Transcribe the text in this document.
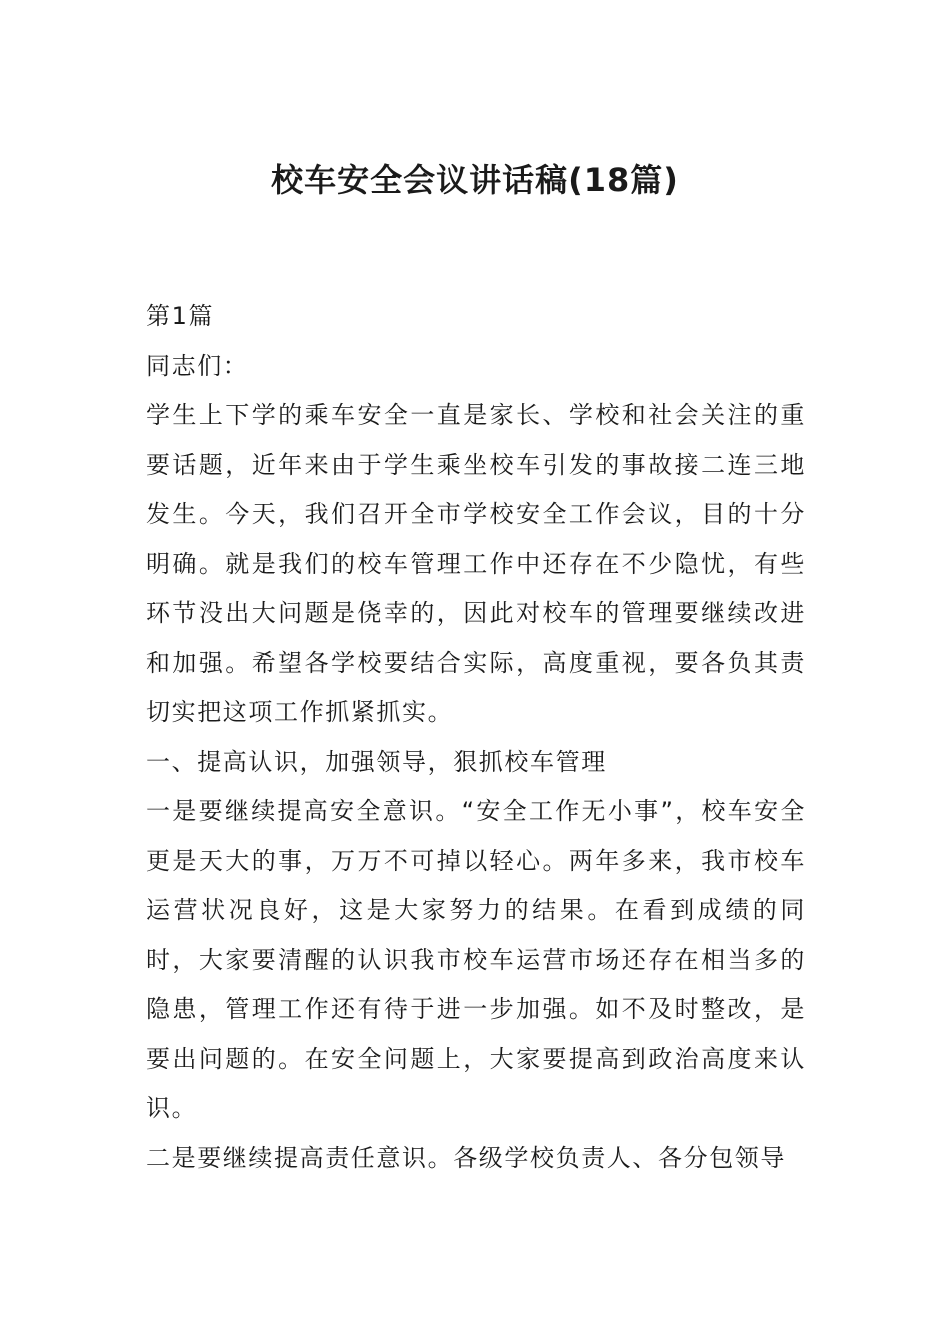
校车安全会议讲话稿(18篇)

第1篇

同志们：

学生上下学的乘车安全一直是家长、学校和社会关注的重要话题，近年来由于学生乘坐校车引发的事故接二连三地发生。今天，我们召开全市学校安全工作会议，目的十分明确。就是我们的校车管理工作中还存在不少隐忧，有些环节没出大问题是侥幸的，因此对校车的管理要继续改进和加强。希望各学校要结合实际，高度重视，要各负其责切实把这项工作抓紧抓实。

一、提高认识，加强领导，狠抓校车管理

一是要继续提高安全意识。“安全工作无小事”，校车安全更是天大的事，万万不可掉以轻心。两年多来，我市校车运营状况良好，这是大家努力的结果。在看到成绩的同时，大家要清醒的认识我市校车运营市场还存在相当多的隐患，管理工作还有待于进一步加强。如不及时整改，是要出问题的。在安全问题上，大家要提高到政治高度来认识。

二是要继续提高责任意识。各级学校负责人、各分包领导
